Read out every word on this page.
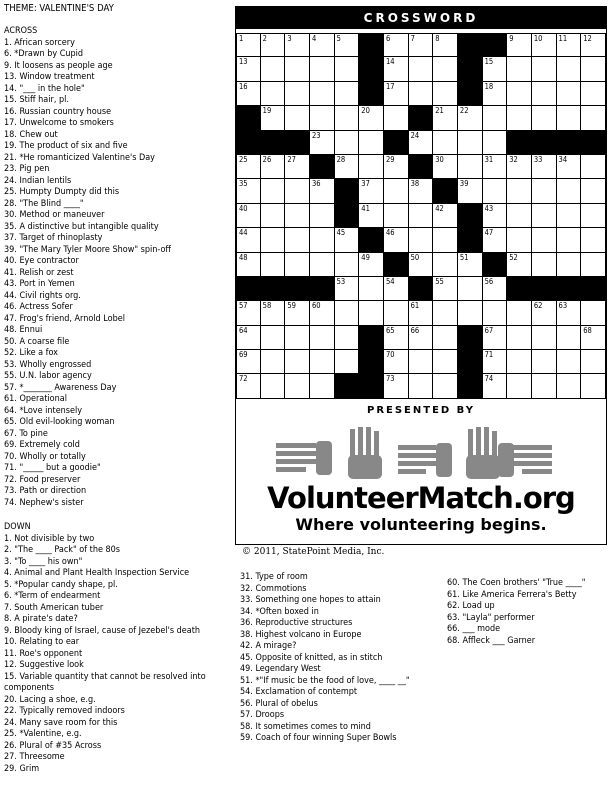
THEME: VALENTINE'S DAY
ACROSS
1. African sorcery
6. *Drawn by Cupid
9. It loosens as people age
13. Window treatment
14. "___ in the hole"
15. Stiff hair, pl.
16. Russian country house
17. Unwelcome to smokers
18. Chew out
19. The product of six and five
21. *He romanticized Valentine's Day
23. Pig pen
24. Indian lentils
25. Humpty Dumpty did this
28. "The Blind ____"
30. Method or maneuver
35. A distinctive but intangible quality
37. Target of rhinoplasty
39. "The Mary Tyler Moore Show" spin-off
40. Eye contractor
41. Relish or zest
43. Port in Yemen
44. Civil rights org.
46. Actress Sofer
47. Frog's friend, Arnold Lobel
48. Ennui
50. A coarse file
52. Like a fox
53. Wholly engrossed
55. U.N. labor agency
57. *_______ Awareness Day
61. Operational
64. *Love intensely
65. Old evil-looking woman
67. To pine
69. Extremely cold
70. Wholly or totally
71. "_____ but a goodie"
72. Food preserver
73. Path or direction
74. Nephew's sister
DOWN
1. Not divisible by two
2. "The ____ Pack" of the 80s
3. "To ____ his own"
4. Animal and Plant Health Inspection Service
5. *Popular candy shape, pl.
6. *Term of endearment
7. South American tuber
8. A pirate's date?
9. Bloody king of Israel, cause of Jezebel's death
10. Relating to ear
11. Roe's opponent
12. Suggestive look
15. Variable quantity that cannot be resolved into components
20. Lacing a shoe, e.g.
22. Typically removed indoors
24. Many save room for this
25. *Valentine, e.g.
26. Plural of #35 Across
27. Threesome
29. Grim
31. Type of room
32. Commotions
33. Something one hopes to attain
34. *Often boxed in
36. Reproductive structures
38. Highest volcano in Europe
42. A mirage?
45. Opposite of knitted, as in stitch
49. Legendary West
51. *"If music be the food of love, ____ __"
54. Exclamation of contempt
56. Plural of obelus
57. Droops
58. It sometimes comes to mind
59. Coach of four winning Super Bowls
60. The Coen brothers' "True ____"
61. Like America Ferrera's Betty
62. Load up
63. "Layla" performer
66. ___ mode
68. Affleck ___ Garner
CROSSWORD
1	2	3	4	5	6	7	8	9	10 11 12
13	14	15
16	17	18
19	20	21 22
23	24
25 26 27	28	29	30	31 32 33 34
35	36	37	38	39
40	41	42	43
44	45	46	47
48	49	50	51	52
53	54	55	56
57 58 59 60	61	62 63
64	65 66	67	68
69	70	71
72	73	74
PRESENTED BY
VolunteerMatch.org
Where volunteering begins.
© 2011, StatePoint Media, Inc.
